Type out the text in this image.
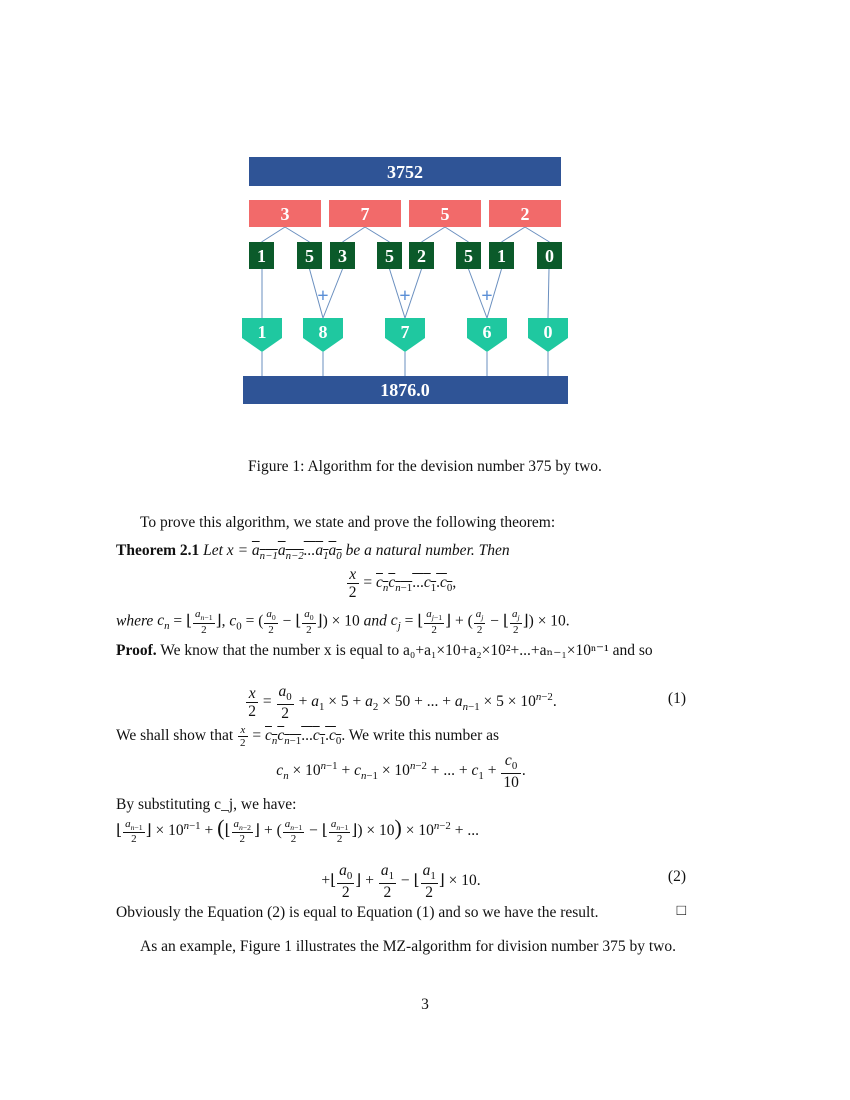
3752
3	7	5	2
1 5 3 5 2 5 1 0
+	+	+
1	8	7	6	0
1876.0
Figure 1: Algorithm for the devision number 375 by two.
To prove this algorithm, we state and prove the following theorem:
Theorem 2.1 Let $x = a_{n-1}a_{n-2}...a_1a_0$ be a natural number. Then
$\frac{x}{2} = c_nc_{n-1}...c_1.c_0$,
where $c_n$ = ⌊ $\frac{a_{n-1}}{2}$ ⌋, $c_0$ = ( $\frac{a_0}{2}$ − ⌊ $\frac{a_0}{2}$ ⌋) × 10 and $c_j$ = ⌊ $\frac{a_{j-1}}{2}$ ⌋ + ( $\frac{a_j}{2}$ − ⌊ $\frac{a_j}{2}$ ⌋) × 10.
Proof. We know that the number x is equal to a₀+a₁×10+a₂×10²+...+aₙ₋₁×10ⁿ⁻¹ and so
$\frac{x}{2} = \frac{a_0}{2} + a_1 \times 5 + a_2 \times 50$ + ... + $a_{n-1} \times 5 \times 10^{n-2}$.	(1)
We shall show that $\frac{x}{2} = c_nc_{n-1}...c_1.c_0$. We write this number as
$c_n \times 10^{n-1} + c_{n-1} \times 10^{n-2}$ + ... + $c_1 + \frac{c_0}{10}$ .
By substituting c_j, we have:
⌊ $\frac{a_{n-1}}{2}$ ⌋ × $10^{n-1}$ + (⌊ $\frac{a_{n-2}}{2}$ ⌋ + ( $\frac{a_{n-1}}{2}$ − ⌊ $\frac{a_{n-1}}{2}$ ⌋) × $10) \times 10^{n-2}$ + ...
+⌊ $\frac{a_0}{2}$ ⌋ + $\frac{a_1}{2}$ − ⌊ $\frac{a_1}{2}$ ⌋ × 10.	(2)
Obviously the Equation (2) is equal to Equation (1) and so we have the result.	□
As an example, Figure 1 illustrates the MZ-algorithm for division number 375 by two.
3
